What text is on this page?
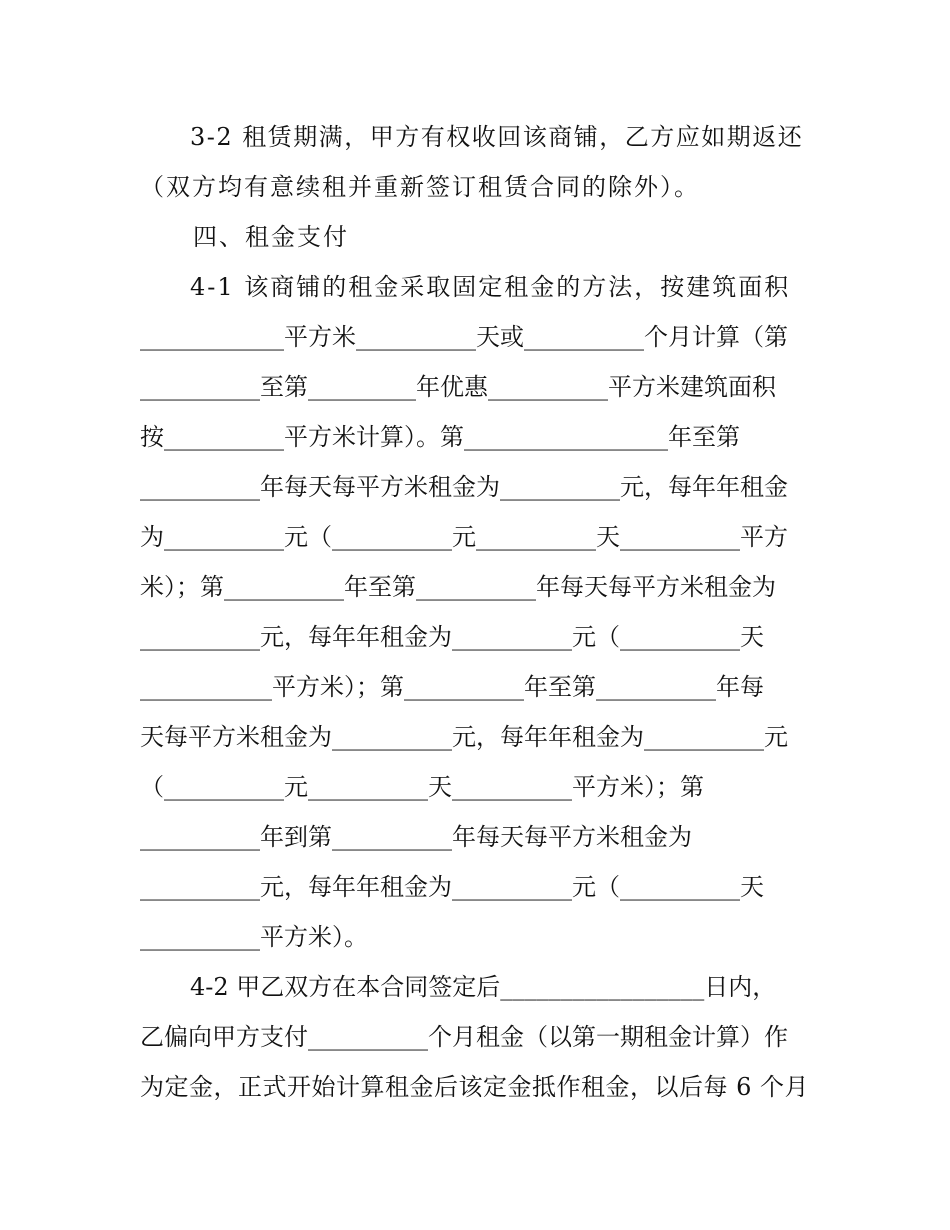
3-2 租赁期满，甲方有权收回该商铺，乙方应如期返还
（双方均有意续租并重新签订租赁合同的除外）。
四、租金支付
4-1 该商铺的租金采取固定租金的方法，按建筑面积
____________平方米__________天或__________个月计算（第
__________至第_________年优惠__________平方米建筑面积
按__________平方米计算）。第_________________年至第
__________年每天每平方米租金为__________元，每年年租金
为__________元（__________元__________天__________平方
米）；第__________年至第__________年每天每平方米租金为
__________元，每年年租金为__________元（__________天
___________平方米）；第__________年至第__________年每
天每平方米租金为__________元，每年年租金为__________元
（__________元__________天__________平方米）；第
__________年到第__________年每天每平方米租金为
__________元，每年年租金为__________元（__________天
__________平方米）。
4-2 甲乙双方在本合同签定后_________________日内，
乙偏向甲方支付__________个月租金（以第一期租金计算）作
为定金，正式开始计算租金后该定金抵作租金，以后每 6 个月
